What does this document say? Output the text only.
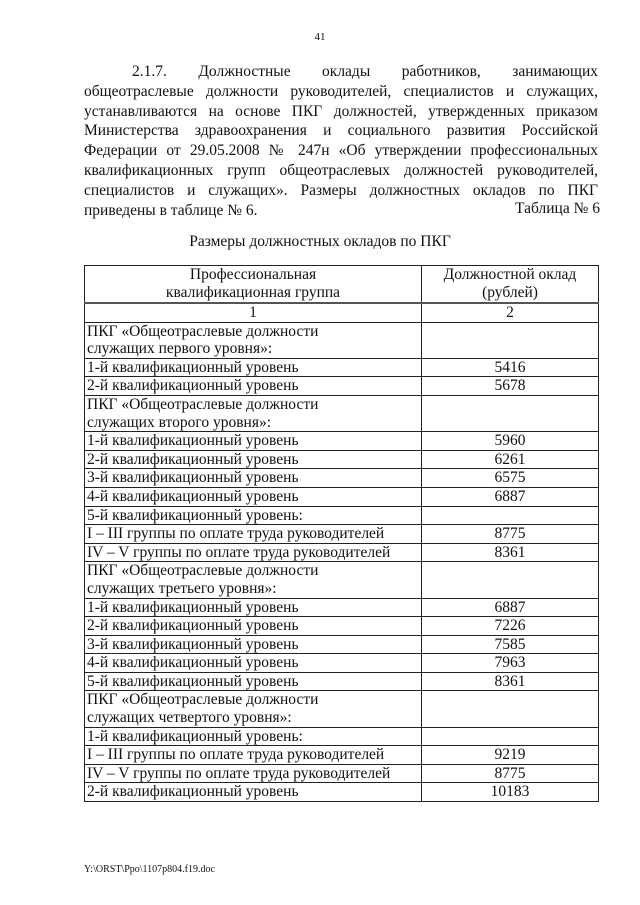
41
2.1.7. Должностные оклады работников, занимающих общеотраслевые должности руководителей, специалистов и служащих, устанавливаются на основе ПКГ должностей, утвержденных приказом Министерства здравоохранения и социального развития Российской Федерации от 29.05.2008 № 247н «Об утверждении профессиональных квалификационных групп общеотраслевых должностей руководителей, специалистов и служащих». Размеры должностных окладов по ПКГ приведены в таблице № 6.	Таблица № 6
Размеры должностных окладов по ПКГ
Профессиональная квалификационная группа	Должностной оклад (рублей)
1	2
ПКГ «Общеотраслевые должности служащих первого уровня»:	
1-й квалификационный уровень	5416
2-й квалификационный уровень	5678
ПКГ «Общеотраслевые должности служащих второго уровня»:	
1-й квалификационный уровень	5960
2-й квалификационный уровень	6261
3-й квалификационный уровень	6575
4-й квалификационный уровень	6887
5-й квалификационный уровень:	
I – III группы по оплате труда руководителей	8775
IV – V группы по оплате труда руководителей	8361
ПКГ «Общеотраслевые должности служащих третьего уровня»:	
1-й квалификационный уровень	6887
2-й квалификационный уровень	7226
3-й квалификационный уровень	7585
4-й квалификационный уровень	7963
5-й квалификационный уровень	8361
ПКГ «Общеотраслевые должности служащих четвертого уровня»:	
1-й квалификационный уровень:	
I – III группы по оплате труда руководителей	9219
IV – V группы по оплате труда руководителей	8775
2-й квалификационный уровень	10183
Y:\ORST\Ppo\1107p804.f19.doc
